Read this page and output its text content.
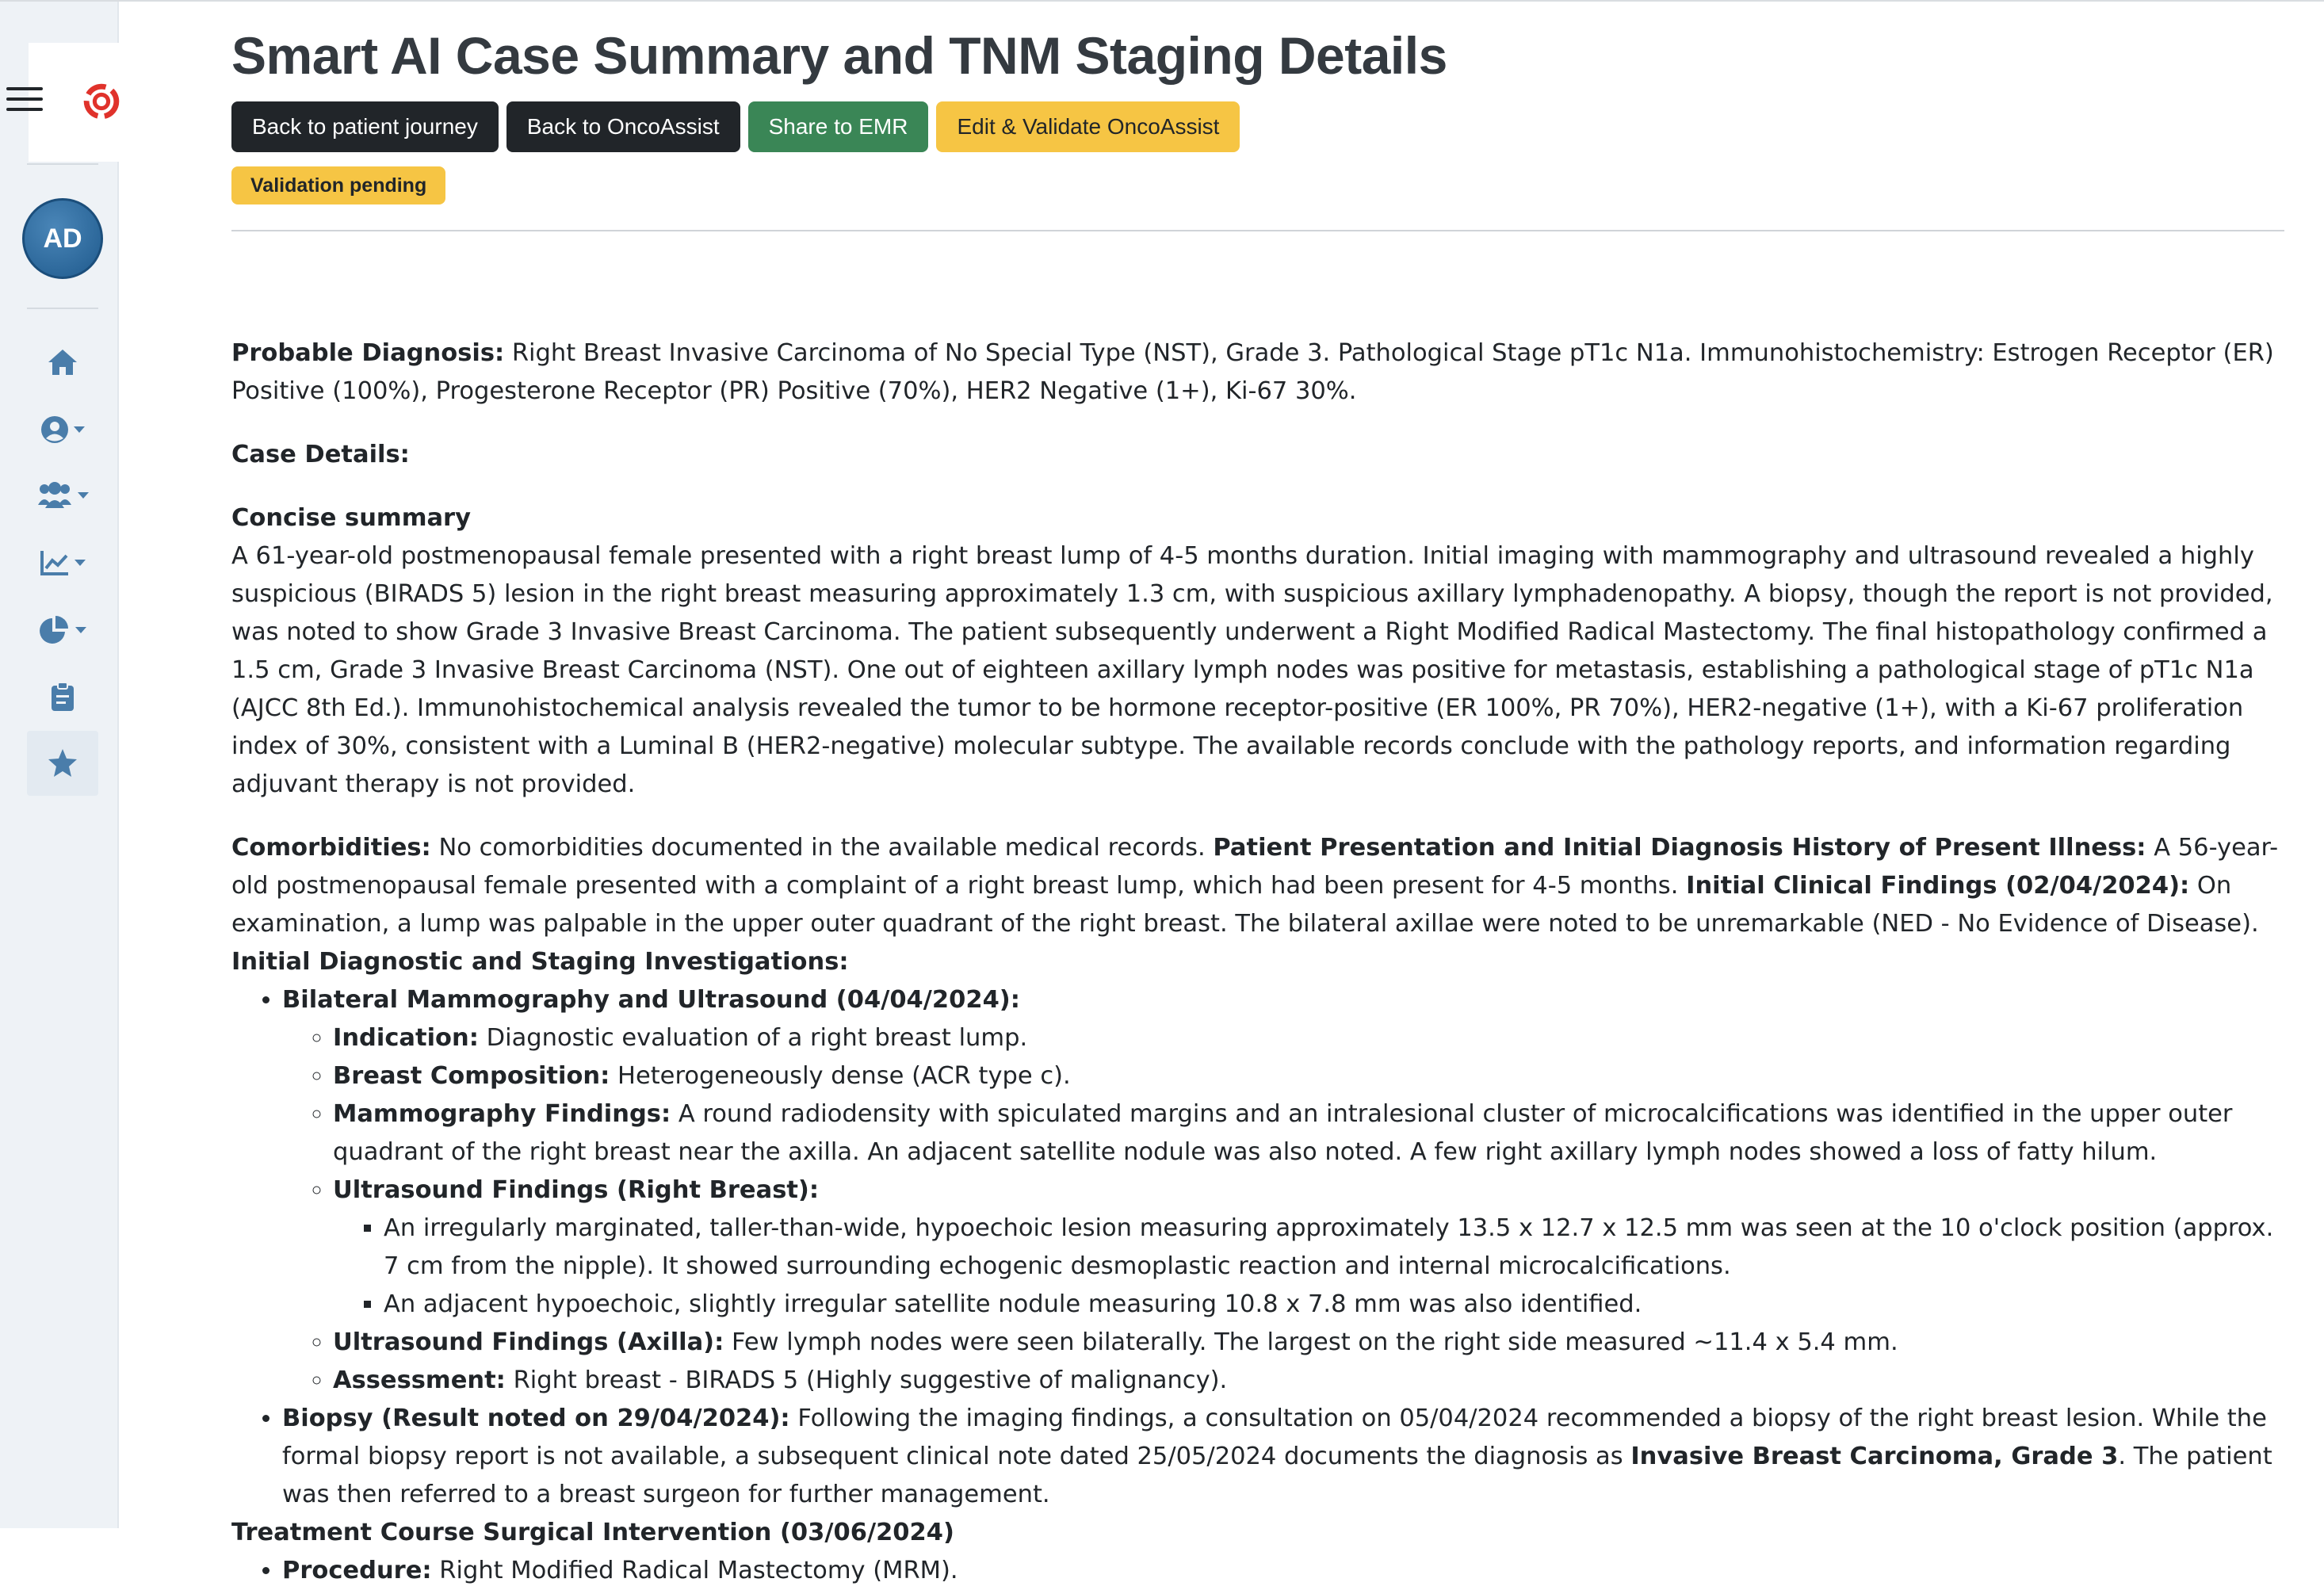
AD
Smart AI Case Summary and TNM Staging Details
Back to patient journey	Back to OncoAssist	Share to EMR	Edit & Validate OncoAssist
Validation pending

Probable Diagnosis: Right Breast Invasive Carcinoma of No Special Type (NST), Grade 3. Pathological Stage pT1c N1a. Immunohistochemistry: Estrogen Receptor (ER) Positive (100%), Progesterone Receptor (PR) Positive (70%), HER2 Negative (1+), Ki-67 30%.

Case Details:

Concise summary
A 61-year-old postmenopausal female presented with a right breast lump of 4-5 months duration. Initial imaging with mammography and ultrasound revealed a highly suspicious (BIRADS 5) lesion in the right breast measuring approximately 1.3 cm, with suspicious axillary lymphadenopathy. A biopsy, though the report is not provided, was noted to show Grade 3 Invasive Breast Carcinoma. The patient subsequently underwent a Right Modified Radical Mastectomy. The final histopathology confirmed a 1.5 cm, Grade 3 Invasive Breast Carcinoma (NST). One out of eighteen axillary lymph nodes was positive for metastasis, establishing a pathological stage of pT1c N1a (AJCC 8th Ed.). Immunohistochemical analysis revealed the tumor to be hormone receptor-positive (ER 100%, PR 70%), HER2-negative (1+), with a Ki-67 proliferation index of 30%, consistent with a Luminal B (HER2-negative) molecular subtype. The available records conclude with the pathology reports, and information regarding adjuvant therapy is not provided.

Comorbidities: No comorbidities documented in the available medical records. Patient Presentation and Initial Diagnosis History of Present Illness: A 56-year-old postmenopausal female presented with a complaint of a right breast lump, which had been present for 4-5 months. Initial Clinical Findings (02/04/2024): On examination, a lump was palpable in the upper outer quadrant of the right breast. The bilateral axillae were noted to be unremarkable (NED - No Evidence of Disease). Initial Diagnostic and Staging Investigations:
• Bilateral Mammography and Ultrasound (04/04/2024):
◦ Indication: Diagnostic evaluation of a right breast lump.
◦ Breast Composition: Heterogeneously dense (ACR type c).
◦ Mammography Findings: A round radiodensity with spiculated margins and an intralesional cluster of microcalcifications was identified in the upper outer quadrant of the right breast near the axilla. An adjacent satellite nodule was also noted. A few right axillary lymph nodes showed a loss of fatty hilum.
◦ Ultrasound Findings (Right Breast):
▪ An irregularly marginated, taller-than-wide, hypoechoic lesion measuring approximately 13.5 x 12.7 x 12.5 mm was seen at the 10 o'clock position (approx. 7 cm from the nipple). It showed surrounding echogenic desmoplastic reaction and internal microcalcifications.
▪ An adjacent hypoechoic, slightly irregular satellite nodule measuring 10.8 x 7.8 mm was also identified.
◦ Ultrasound Findings (Axilla): Few lymph nodes were seen bilaterally. The largest on the right side measured ~11.4 x 5.4 mm.
◦ Assessment: Right breast - BIRADS 5 (Highly suggestive of malignancy).
• Biopsy (Result noted on 29/04/2024): Following the imaging findings, a consultation on 05/04/2024 recommended a biopsy of the right breast lesion. While the formal biopsy report is not available, a subsequent clinical note dated 25/05/2024 documents the diagnosis as Invasive Breast Carcinoma, Grade 3. The patient was then referred to a breast surgeon for further management.
Treatment Course Surgical Intervention (03/06/2024)
• Procedure: Right Modified Radical Mastectomy (MRM).
